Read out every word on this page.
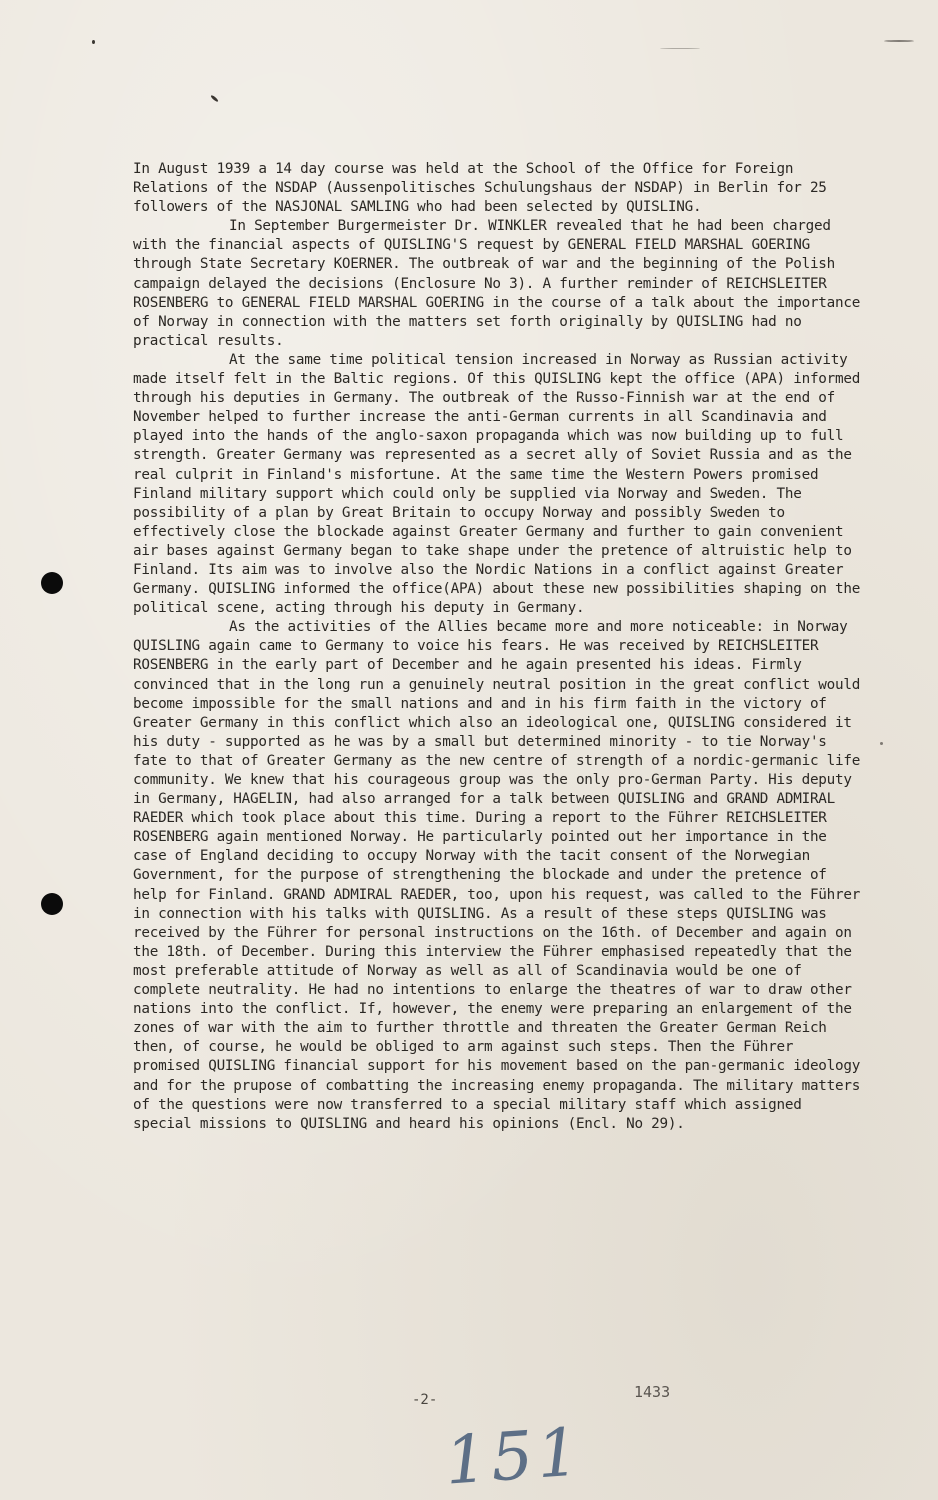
In August 1939 a 14 day course was held at the School of the Office for Foreign Relations of the NSDAP (Aussenpolitisches Schulungshaus der NSDAP) in Berlin for 25 followers of the NASJONAL SAMLING who had been selected by QUISLING.

In September Burgermeister Dr. WINKLER revealed that he had been charged with the financial aspects of QUISLING'S request by GENERAL FIELD MARSHAL GOERING through State Secretary KOERNER. The outbreak of war and the beginning of the Polish campaign delayed the decisions (Enclosure No 3). A further reminder of REICHSLEITER ROSENBERG to GENERAL FIELD MARSHAL GOERING in the course of a talk about the importance of Norway in connection with the matters set forth originally by QUISLING had no practical results.

At the same time political tension increased in Norway as Russian activity made itself felt in the Baltic regions. Of this QUISLING kept the office (APA) informed through his deputies in Germany. The outbreak of the Russo-Finnish war at the end of November helped to further increase the anti-German currents in all Scandinavia and played into the hands of the anglo-saxon propaganda which was now building up to full strength. Greater Germany was represented as a secret ally of Soviet Russia and as the real culprit in Finland's misfortune. At the same time the Western Powers promised Finland military support which could only be supplied via Norway and Sweden. The possibility of a plan by Great Britain to occupy Norway and possibly Sweden to effectively close the blockade against Greater Germany and further to gain convenient air bases against Germany began to take shape under the pretence of altruistic help to Finland. Its aim was to involve also the Nordic Nations in a conflict against Greater Germany. QUISLING informed the office(APA) about these new possibilities shaping on the political scene, acting through his deputy in Germany.

As the activities of the Allies became more and more noticeable: in Norway QUISLING again came to Germany to voice his fears. He was received by REICHSLEITER ROSENBERG in the early part of December and he again presented his ideas. Firmly convinced that in the long run a genuinely neutral position in the great conflict would become impossible for the small nations and and in his firm faith in the victory of Greater Germany in this conflict which also an ideological one, QUISLING considered it his duty - supported as he was by a small but determined minority - to tie Norway's fate to that of Greater Germany as the new centre of strength of a nordic-germanic life community. We knew that his courageous group was the only pro-German Party. His deputy in Germany, HAGELIN, had also arranged for a talk between QUISLING and GRAND ADMIRAL RAEDER which took place about this time. During a report to the Führer REICHSLEITER ROSENBERG again mentioned Norway. He particularly pointed out her importance in the case of England deciding to occupy Norway with the tacit consent of the Norwegian Government, for the purpose of strengthening the blockade and under the pretence of help for Finland. GRAND ADMIRAL RAEDER, too, upon his request, was called to the Führer in connection with his talks with QUISLING. As a result of these steps QUISLING was received by the Führer for personal instructions on the 16th. of December and again on the 18th. of December. During this interview the Führer emphasised repeatedly that the most preferable attitude of Norway as well as all of Scandinavia would be one of complete neutrality. He had no intentions to enlarge the theatres of war to draw other nations into the conflict. If, however, the enemy were preparing an enlargement of the zones of war with the aim to further throttle and threaten the Greater German Reich then, of course, he would be obliged to arm against such steps. Then the Führer promised QUISLING financial support for his movement based on the pan-germanic ideology and for the prupose of combatting the increasing enemy propaganda. The military matters of the questions were now transferred to a special military staff which assigned special missions to QUISLING and heard his opinions (Encl. No 29).

-2-	1433
151
